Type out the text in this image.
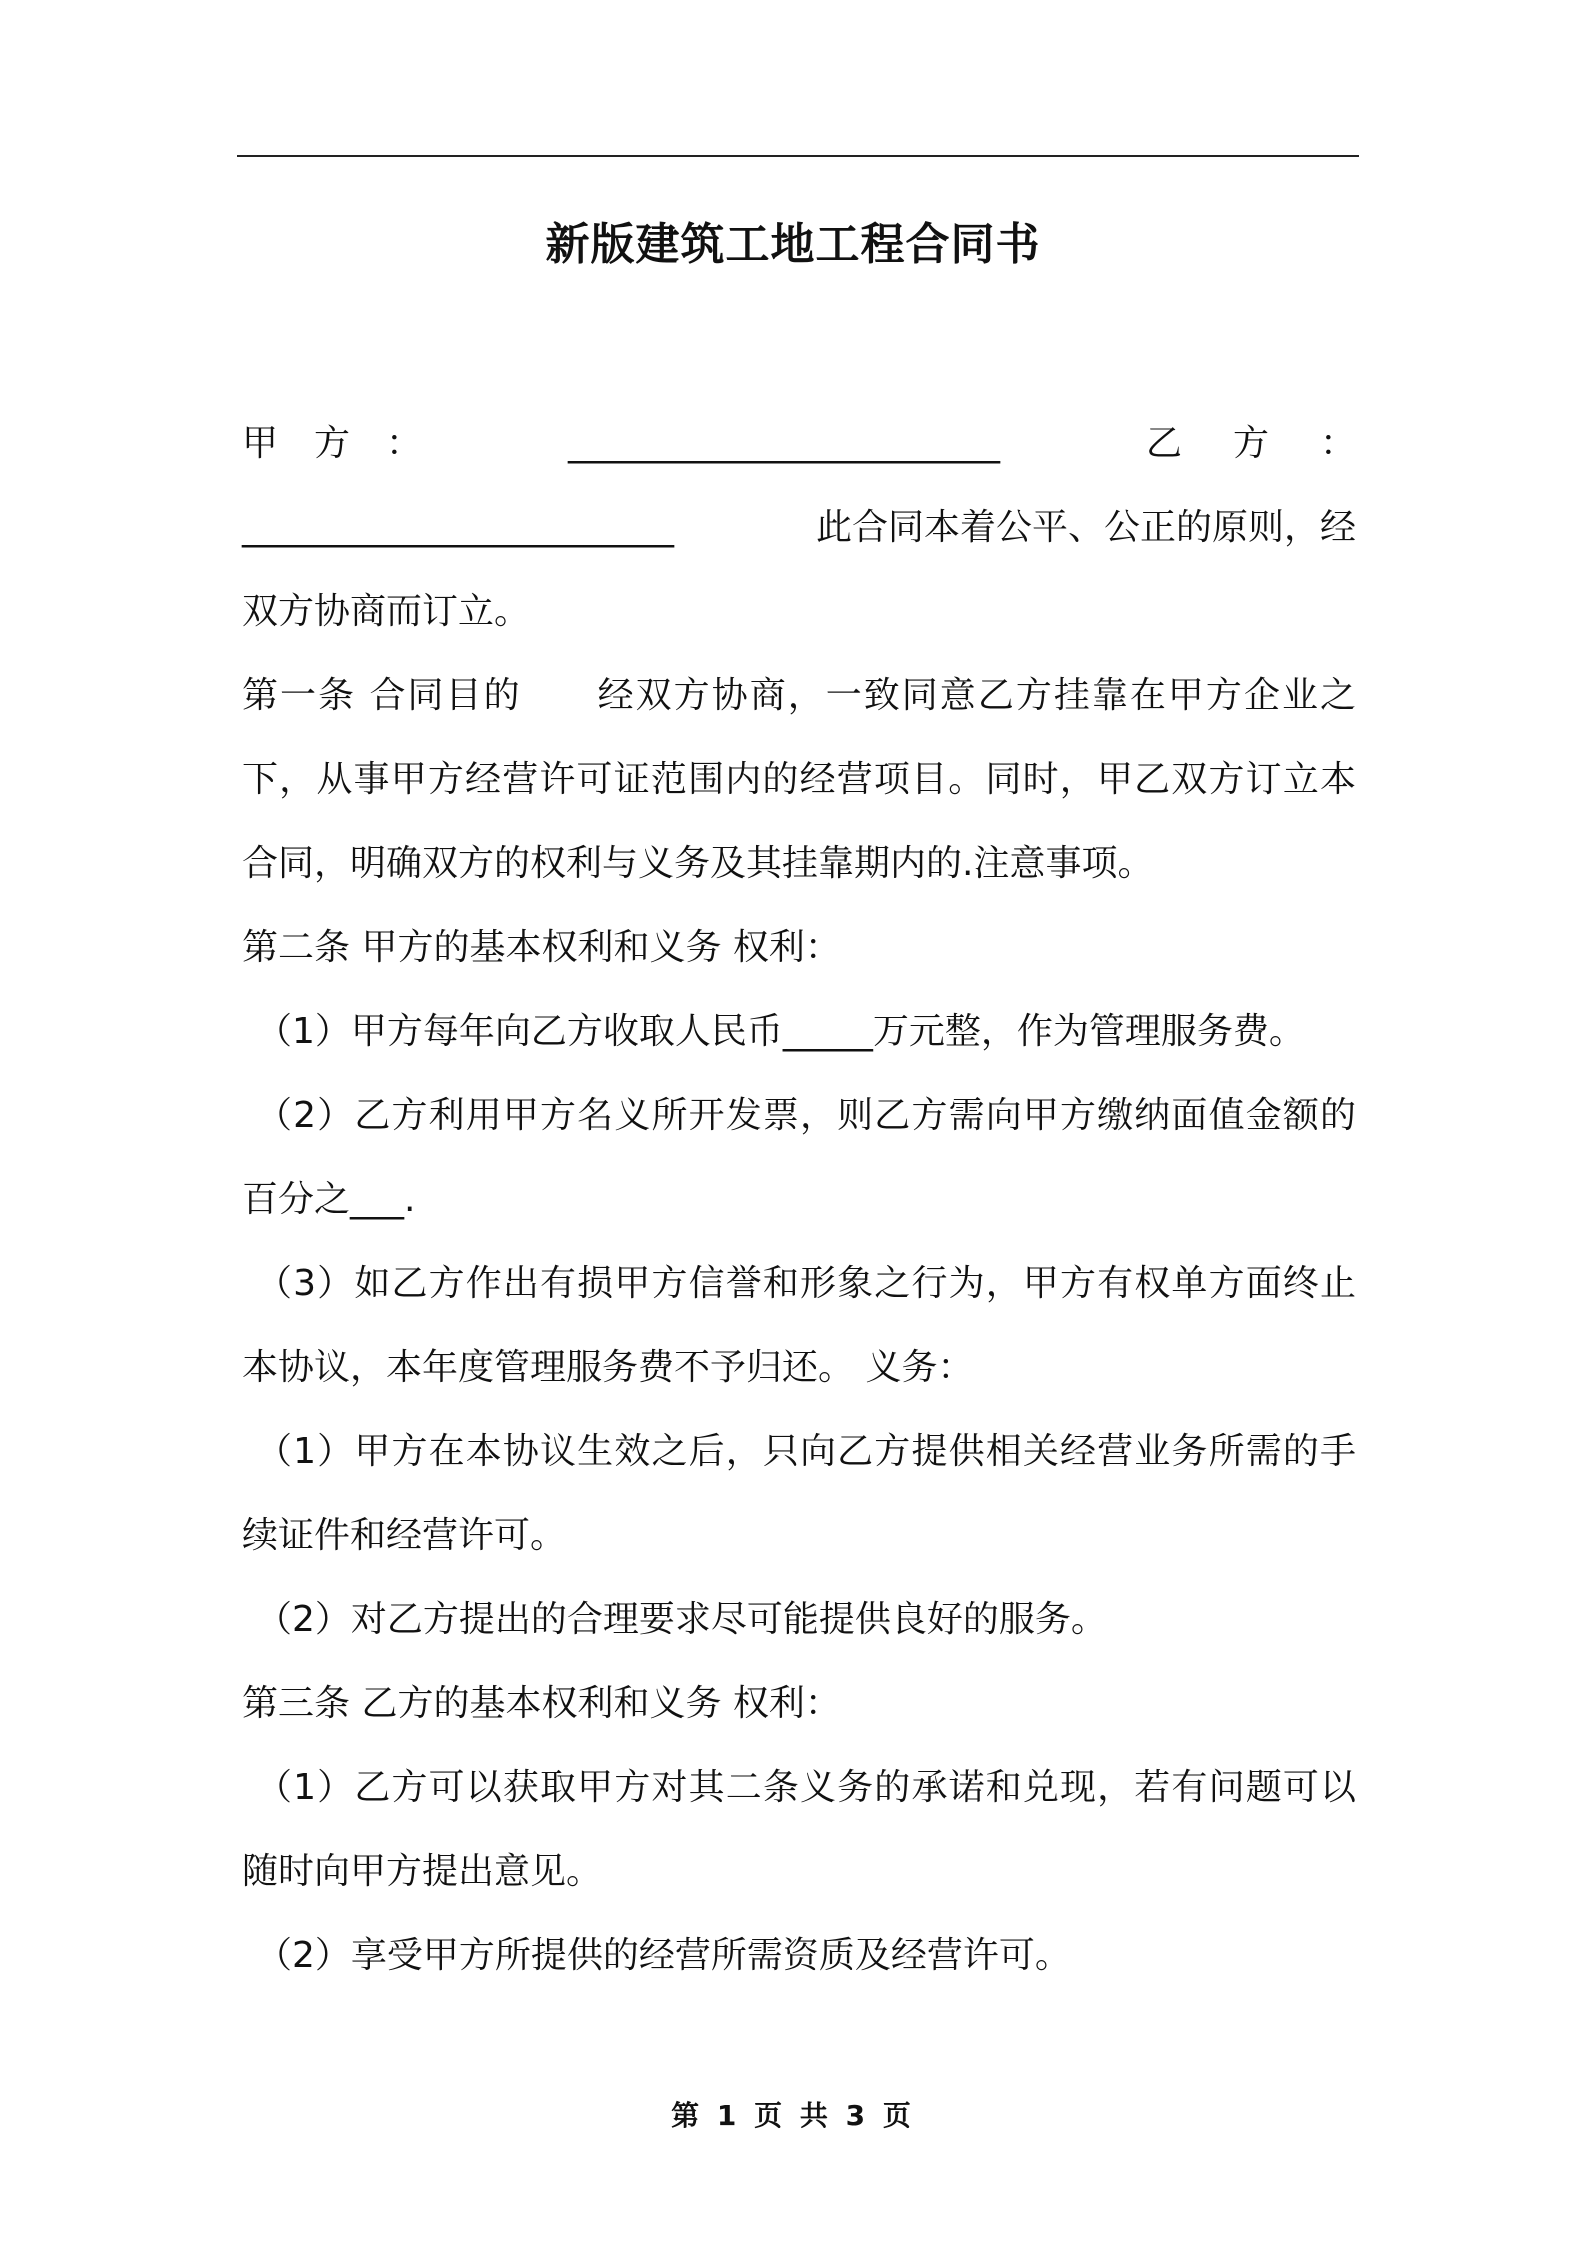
新版建筑工地工程合同书
甲　方　：	________________________	乙 方 ：
________________________	此合同本着公平、公正的原则，经
双方协商而订立。
第一条 合同目的　　经双方协商，一致同意乙方挂靠在甲方企业之
下，从事甲方经营许可证范围内的经营项目。同时，甲乙双方订立本
合同，明确双方的权利与义务及其挂靠期内的.注意事项。
第二条 甲方的基本权利和义务 权利：
（1）甲方每年向乙方收取人民币_____万元整，作为管理服务费。
（2）乙方利用甲方名义所开发票，则乙方需向甲方缴纳面值金额的
百分之___.
（3）如乙方作出有损甲方信誉和形象之行为，甲方有权单方面终止
本协议，本年度管理服务费不予归还。 义务：
（1）甲方在本协议生效之后，只向乙方提供相关经营业务所需的手
续证件和经营许可。
（2）对乙方提出的合理要求尽可能提供良好的服务。
第三条 乙方的基本权利和义务 权利：
（1）乙方可以获取甲方对其二条义务的承诺和兑现，若有问题可以
随时向甲方提出意见。
（2）享受甲方所提供的经营所需资质及经营许可。
第 1 页 共 3 页
